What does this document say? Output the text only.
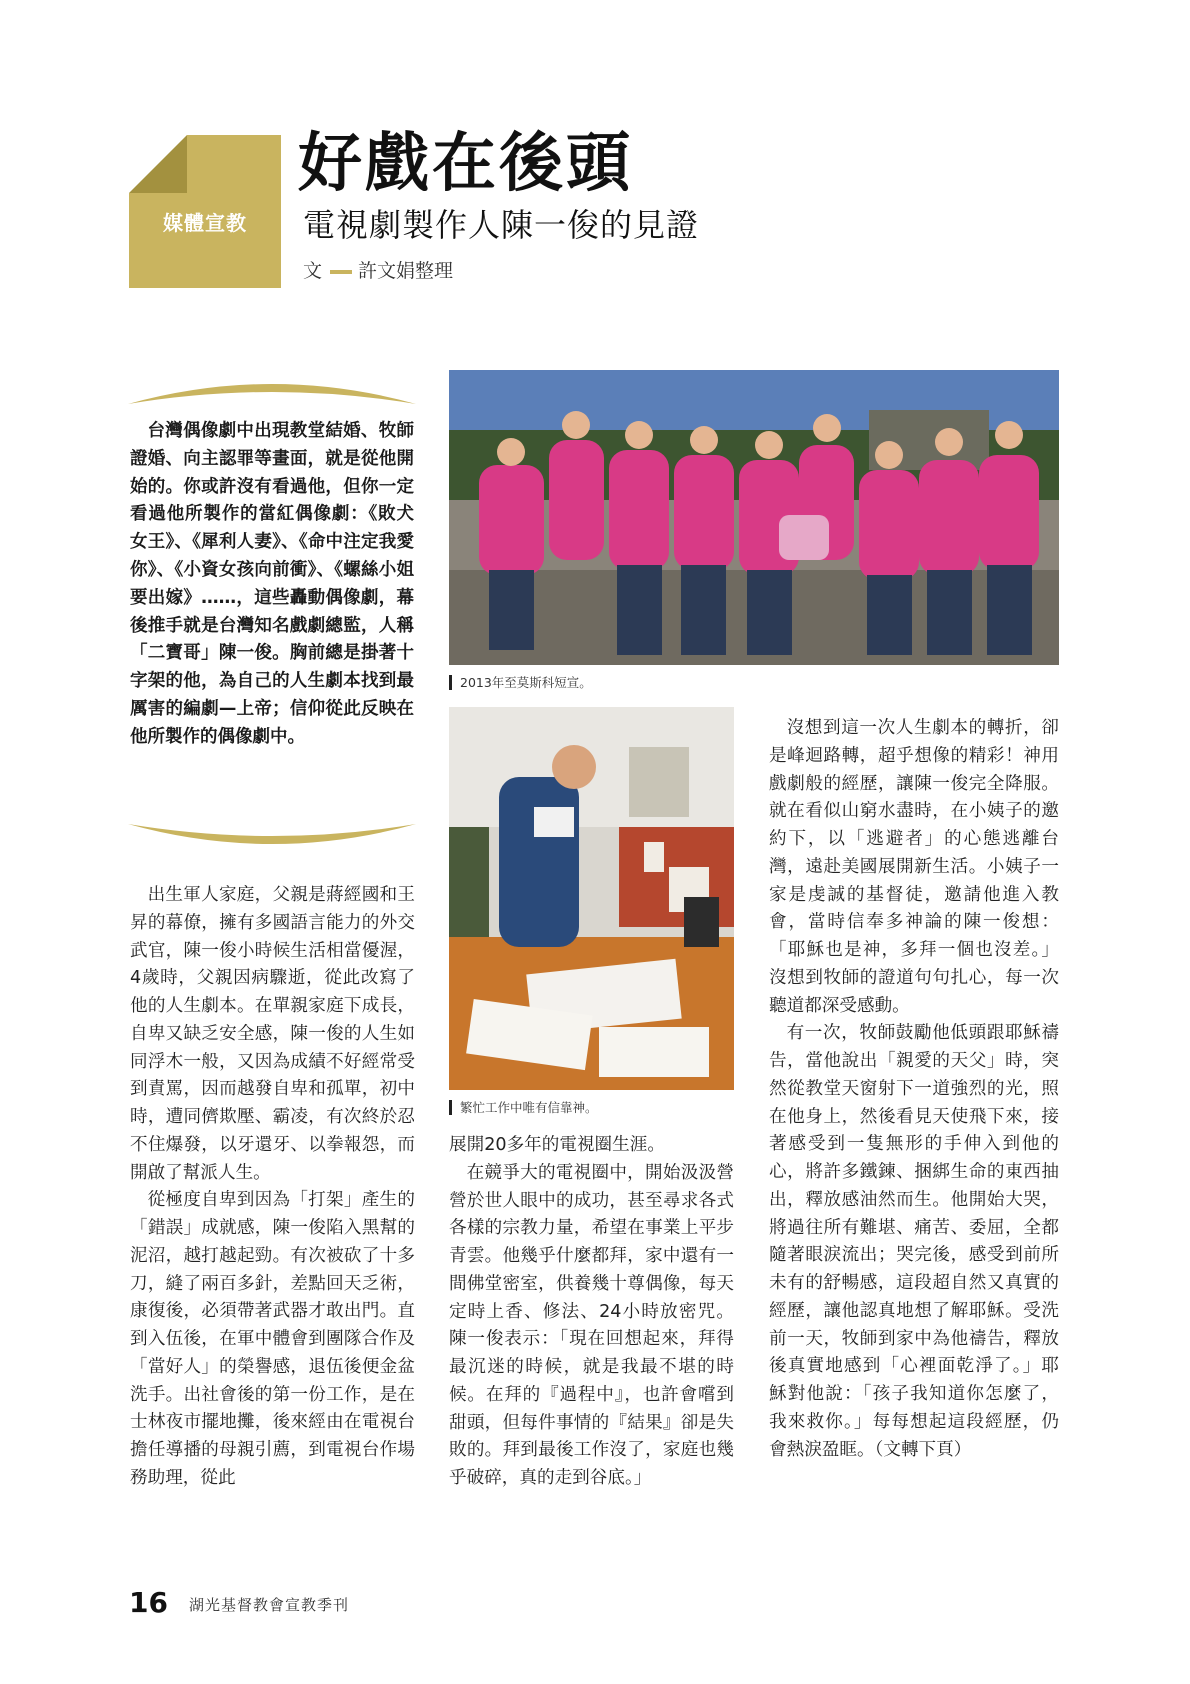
媒體宣教
好戲在後頭
電視劇製作人陳一俊的見證
文 許文娟整理

台灣偶像劇中出現教堂結婚、牧師證婚、向主認罪等畫面，就是從他開始的。你或許沒有看過他，但你一定看過他所製作的當紅偶像劇：《敗犬女王》、《犀利人妻》、《命中注定我愛你》、《小資女孩向前衝》、《螺絲小姐要出嫁》……，這些轟動偶像劇，幕後推手就是台灣知名戲劇總監，人稱「二寶哥」陳一俊。胸前總是掛著十字架的他，為自己的人生劇本找到最厲害的編劇—上帝；信仰從此反映在他所製作的偶像劇中。

2013年至莫斯科短宣。
繁忙工作中唯有信靠神。

出生軍人家庭，父親是蔣經國和王昇的幕僚，擁有多國語言能力的外交武官，陳一俊小時候生活相當優渥，4歲時，父親因病驟逝，從此改寫了他的人生劇本。在單親家庭下成長，自卑又缺乏安全感，陳一俊的人生如同浮木一般，又因為成績不好經常受到責罵，因而越發自卑和孤單，初中時，遭同儕欺壓、霸凌，有次終於忍不住爆發，以牙還牙、以拳報怨，而開啟了幫派人生。

從極度自卑到因為「打架」產生的「錯誤」成就感，陳一俊陷入黑幫的泥沼，越打越起勁。有次被砍了十多刀，縫了兩百多針，差點回天乏術，康復後，必須帶著武器才敢出門。直到入伍後，在軍中體會到團隊合作及「當好人」的榮譽感，退伍後便金盆洗手。出社會後的第一份工作，是在士林夜市擺地攤，後來經由在電視台擔任導播的母親引薦，到電視台作場務助理，從此

展開20多年的電視圈生涯。

在競爭大的電視圈中，開始汲汲營營於世人眼中的成功，甚至尋求各式各樣的宗教力量，希望在事業上平步青雲。他幾乎什麼都拜，家中還有一間佛堂密室，供養幾十尊偶像，每天定時上香、修法、24小時放密咒。陳一俊表示：「現在回想起來，拜得最沉迷的時候，就是我最不堪的時候。在拜的『過程中』，也許會嚐到甜頭，但每件事情的『結果』卻是失敗的。拜到最後工作沒了，家庭也幾乎破碎，真的走到谷底。」

沒想到這一次人生劇本的轉折，卻是峰迴路轉，超乎想像的精彩！神用戲劇般的經歷，讓陳一俊完全降服。就在看似山窮水盡時，在小姨子的邀約下，以「逃避者」的心態逃離台灣，遠赴美國展開新生活。小姨子一家是虔誠的基督徒，邀請他進入教會，當時信奉多神論的陳一俊想：「耶穌也是神，多拜一個也沒差。」沒想到牧師的證道句句扎心，每一次聽道都深受感動。

有一次，牧師鼓勵他低頭跟耶穌禱告，當他說出「親愛的天父」時，突然從教堂天窗射下一道強烈的光，照在他身上，然後看見天使飛下來，接著感受到一隻無形的手伸入到他的心，將許多鐵鍊、捆綁生命的東西抽出，釋放感油然而生。他開始大哭，將過往所有難堪、痛苦、委屈，全都隨著眼淚流出；哭完後，感受到前所未有的舒暢感，這段超自然又真實的經歷，讓他認真地想了解耶穌。受洗前一天，牧師到家中為他禱告，釋放後真實地感到「心裡面乾淨了。」耶穌對他說：「孩子我知道你怎麼了，我來救你。」每每想起這段經歷，仍會熱淚盈眶。（文轉下頁）

16 湖光基督教會宣教季刊
